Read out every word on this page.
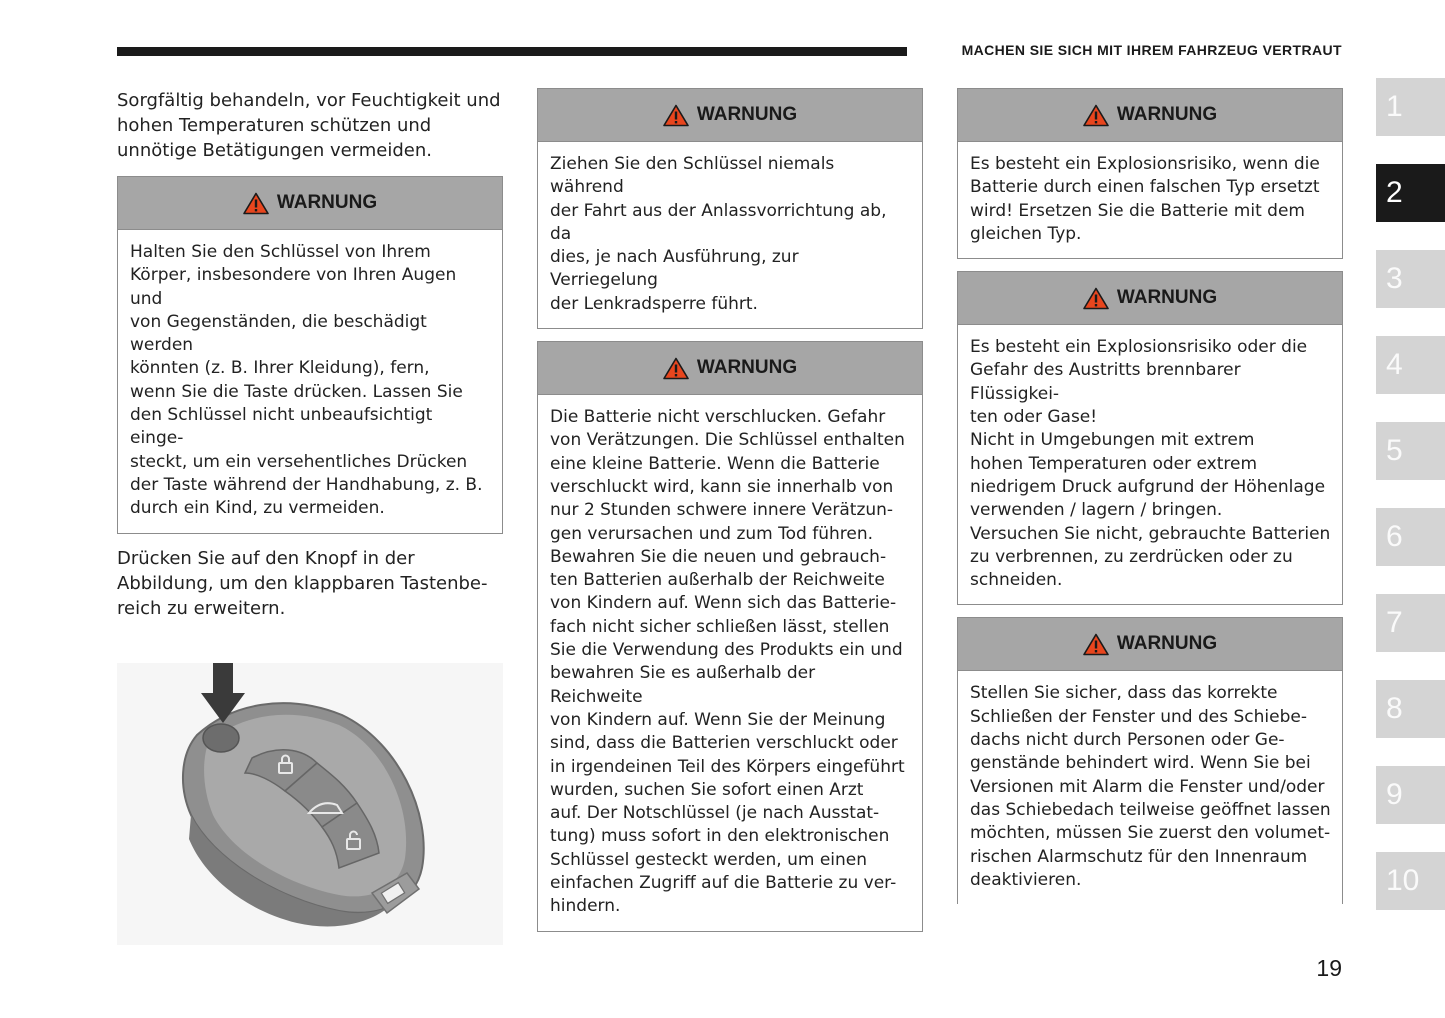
MACHEN SIE SICH MIT IHREM FAHRZEUG VERTRAUT

Sorgfältig behandeln, vor Feuchtigkeit und hohen Temperaturen schützen und unnötige Betätigungen vermeiden.

WARNUNG
Halten Sie den Schlüssel von Ihrem
Körper, insbesondere von Ihren Augen und
von Gegenständen, die beschädigt werden
könnten (z. B. Ihrer Kleidung), fern,
wenn Sie die Taste drücken. Lassen Sie
den Schlüssel nicht unbeaufsichtigt einge-
steckt, um ein versehentliches Drücken
der Taste während der Handhabung, z. B.
durch ein Kind, zu vermeiden.

Drücken Sie auf den Knopf in der Abbildung, um den klappbaren Tastenbe-reich zu erweitern.

WARNUNG
Ziehen Sie den Schlüssel niemals während
der Fahrt aus der Anlassvorrichtung ab, da
dies, je nach Ausführung, zur Verriegelung
der Lenkradsperre führt.
WARNUNG
Die Batterie nicht verschlucken. Gefahr
von Verätzungen. Die Schlüssel enthalten
eine kleine Batterie. Wenn die Batterie
verschluckt wird, kann sie innerhalb von
nur 2 Stunden schwere innere Verätzun-
gen verursachen und zum Tod führen.
Bewahren Sie die neuen und gebrauch-
ten Batterien außerhalb der Reichweite
von Kindern auf. Wenn sich das Batterie-
fach nicht sicher schließen lässt, stellen
Sie die Verwendung des Produkts ein und
bewahren Sie es außerhalb der Reichweite
von Kindern auf. Wenn Sie der Meinung
sind, dass die Batterien verschluckt oder
in irgendeinen Teil des Körpers eingeführt
wurden, suchen Sie sofort einen Arzt
auf. Der Notschlüssel (je nach Ausstat-
tung) muss sofort in den elektronischen
Schlüssel gesteckt werden, um einen
einfachen Zugriff auf die Batterie zu ver-
hindern.
WARNUNG
Es besteht ein Explosionsrisiko, wenn die
Batterie durch einen falschen Typ ersetzt
wird! Ersetzen Sie die Batterie mit dem
gleichen Typ.
WARNUNG
Es besteht ein Explosionsrisiko oder die
Gefahr des Austritts brennbarer Flüssigkei-
ten oder Gase!
Nicht in Umgebungen mit extrem
hohen Temperaturen oder extrem
niedrigem Druck aufgrund der Höhenlage
verwenden / lagern / bringen.
Versuchen Sie nicht, gebrauchte Batterien
zu verbrennen, zu zerdrücken oder zu
schneiden.
WARNUNG
Stellen Sie sicher, dass das korrekte
Schließen der Fenster und des Schiebe-
dachs nicht durch Personen oder Ge-
genstände behindert wird. Wenn Sie bei
Versionen mit Alarm die Fenster und/oder
das Schiebedach teilweise geöffnet lassen
möchten, müssen Sie zuerst den volumet-
rischen Alarmschutz für den Innenraum
deaktivieren.
1
2
3
4
5
6
7
8
9
10
19
